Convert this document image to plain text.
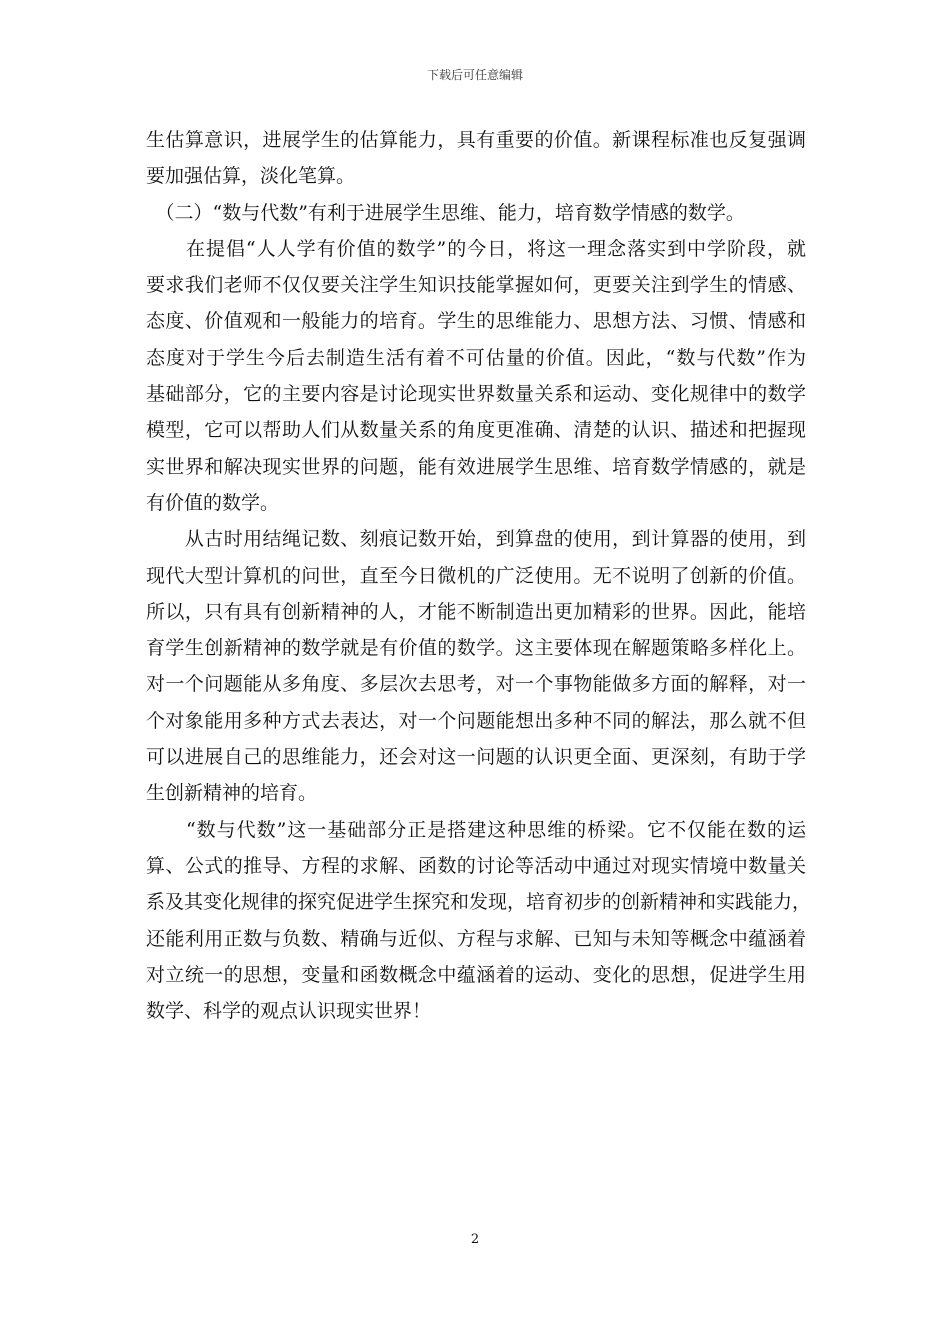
下载后可任意编辑
生估算意识，进展学生的估算能力，具有重要的价值。新课程标准也反复强调
要加强估算，淡化笔算。
　（二）“数与代数”有利于进展学生思维、能力，培育数学情感的数学。
　　在提倡“人人学有价值的数学”的今日，将这一理念落实到中学阶段，就
要求我们老师不仅仅要关注学生知识技能掌握如何，更要关注到学生的情感、
态度、价值观和一般能力的培育。学生的思维能力、思想方法、习惯、情感和
态度对于学生今后去制造生活有着不可估量的价值。因此，“数与代数”作为
基础部分，它的主要内容是讨论现实世界数量关系和运动、变化规律中的数学
模型，它可以帮助人们从数量关系的角度更准确、清楚的认识、描述和把握现
实世界和解决现实世界的问题，能有效进展学生思维、培育数学情感的，就是
有价值的数学。
　　从古时用结绳记数、刻痕记数开始，到算盘的使用，到计算器的使用，到
现代大型计算机的问世，直至今日微机的广泛使用。无不说明了创新的价值。
所以，只有具有创新精神的人，才能不断制造出更加精彩的世界。因此，能培
育学生创新精神的数学就是有价值的数学。这主要体现在解题策略多样化上。
对一个问题能从多角度、多层次去思考，对一个事物能做多方面的解释，对一
个对象能用多种方式去表达，对一个问题能想出多种不同的解法，那么就不但
可以进展自己的思维能力，还会对这一问题的认识更全面、更深刻，有助于学
生创新精神的培育。
　　“数与代数”这一基础部分正是搭建这种思维的桥梁。它不仅能在数的运
算、公式的推导、方程的求解、函数的讨论等活动中通过对现实情境中数量关
系及其变化规律的探究促进学生探究和发现，培育初步的创新精神和实践能力，
还能利用正数与负数、精确与近似、方程与求解、已知与未知等概念中蕴涵着
对立统一的思想，变量和函数概念中蕴涵着的运动、变化的思想，促进学生用
数学、科学的观点认识现实世界！
2
